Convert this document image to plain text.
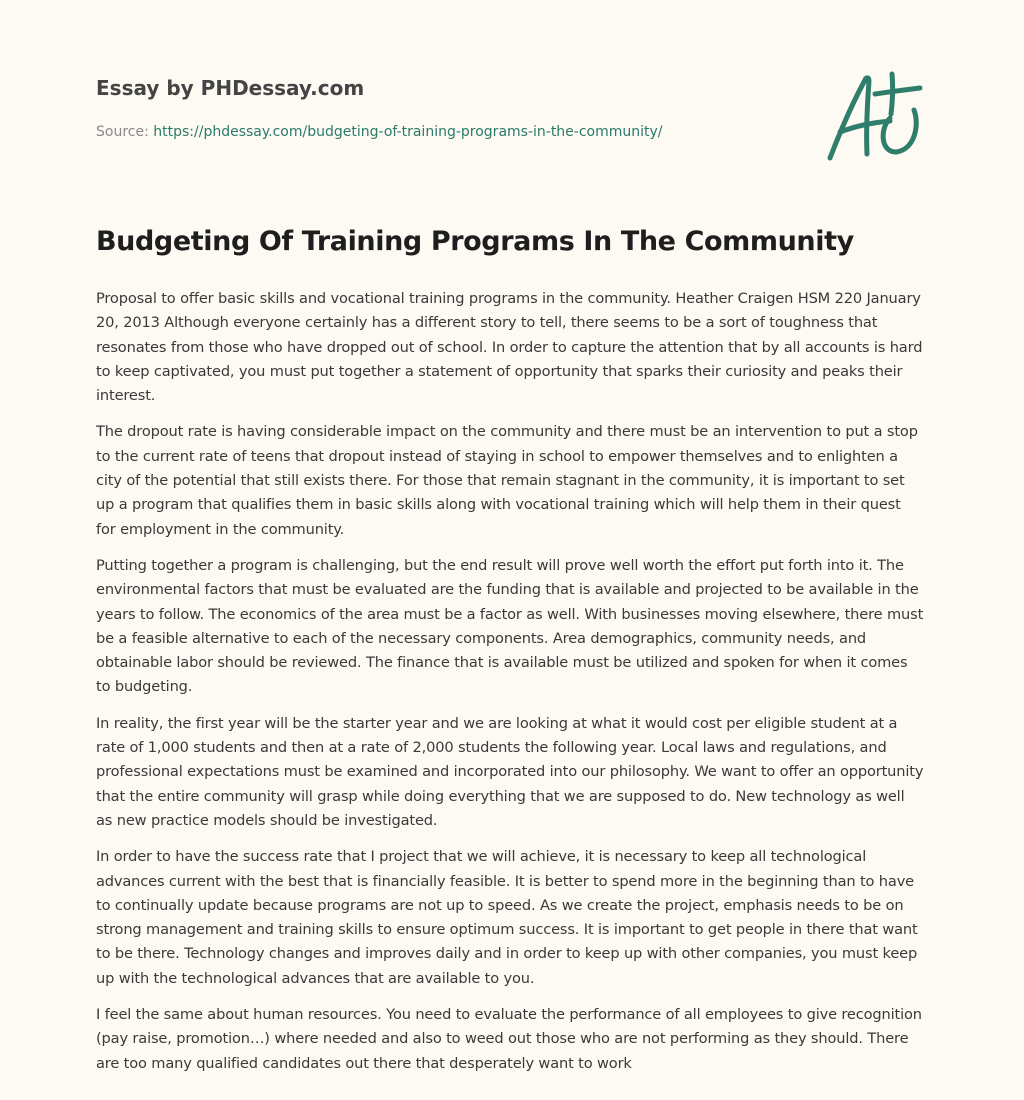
Essay by PHDessay.com
Source: https://phdessay.com/budgeting-of-training-programs-in-the-community/
Budgeting Of Training Programs In The Community

Proposal to offer basic skills and vocational training programs in the community. Heather Craigen HSM 220 January 20, 2013 Although everyone certainly has a different story to tell, there seems to be a sort of toughness that resonates from those who have dropped out of school. In order to capture the attention that by all accounts is hard to keep captivated, you must put together a statement of opportunity that sparks their curiosity and peaks their interest.

The dropout rate is having considerable impact on the community and there must be an intervention to put a stop to the current rate of teens that dropout instead of staying in school to empower themselves and to enlighten a city of the potential that still exists there. For those that remain stagnant in the community, it is important to set up a program that qualifies them in basic skills along with vocational training which will help them in their quest for employment in the community.

Putting together a program is challenging, but the end result will prove well worth the effort put forth into it. The environmental factors that must be evaluated are the funding that is available and projected to be available in the years to follow. The economics of the area must be a factor as well. With businesses moving elsewhere, there must be a feasible alternative to each of the necessary components. Area demographics, community needs, and obtainable labor should be reviewed. The finance that is available must be utilized and spoken for when it comes to budgeting.

In reality, the first year will be the starter year and we are looking at what it would cost per eligible student at a rate of 1,000 students and then at a rate of 2,000 students the following year. Local laws and regulations, and professional expectations must be examined and incorporated into our philosophy. We want to offer an opportunity that the entire community will grasp while doing everything that we are supposed to do. New technology as well as new practice models should be investigated.

In order to have the success rate that I project that we will achieve, it is necessary to keep all technological advances current with the best that is financially feasible. It is better to spend more in the beginning than to have to continually update because programs are not up to speed. As we create the project, emphasis needs to be on strong management and training skills to ensure optimum success. It is important to get people in there that want to be there. Technology changes and improves daily and in order to keep up with other companies, you must keep up with the technological advances that are available to you.

I feel the same about human resources. You need to evaluate the performance of all employees to give recognition (pay raise, promotion…) where needed and also to weed out those who are not performing as they should. There are too many qualified candidates out there that desperately want to work
